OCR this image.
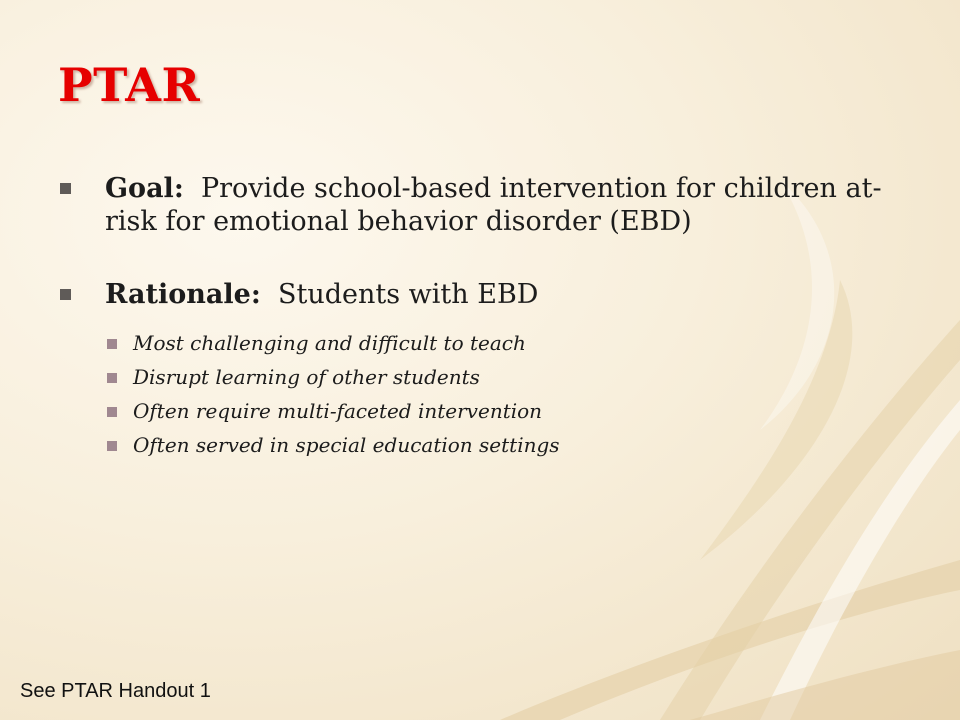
PTAR
Goal: Provide school-based intervention for children at-risk for emotional behavior disorder (EBD)
Rationale: Students with EBD
Most challenging and difficult to teach
Disrupt learning of other students
Often require multi-faceted intervention
Often served in special education settings
See PTAR Handout 1
